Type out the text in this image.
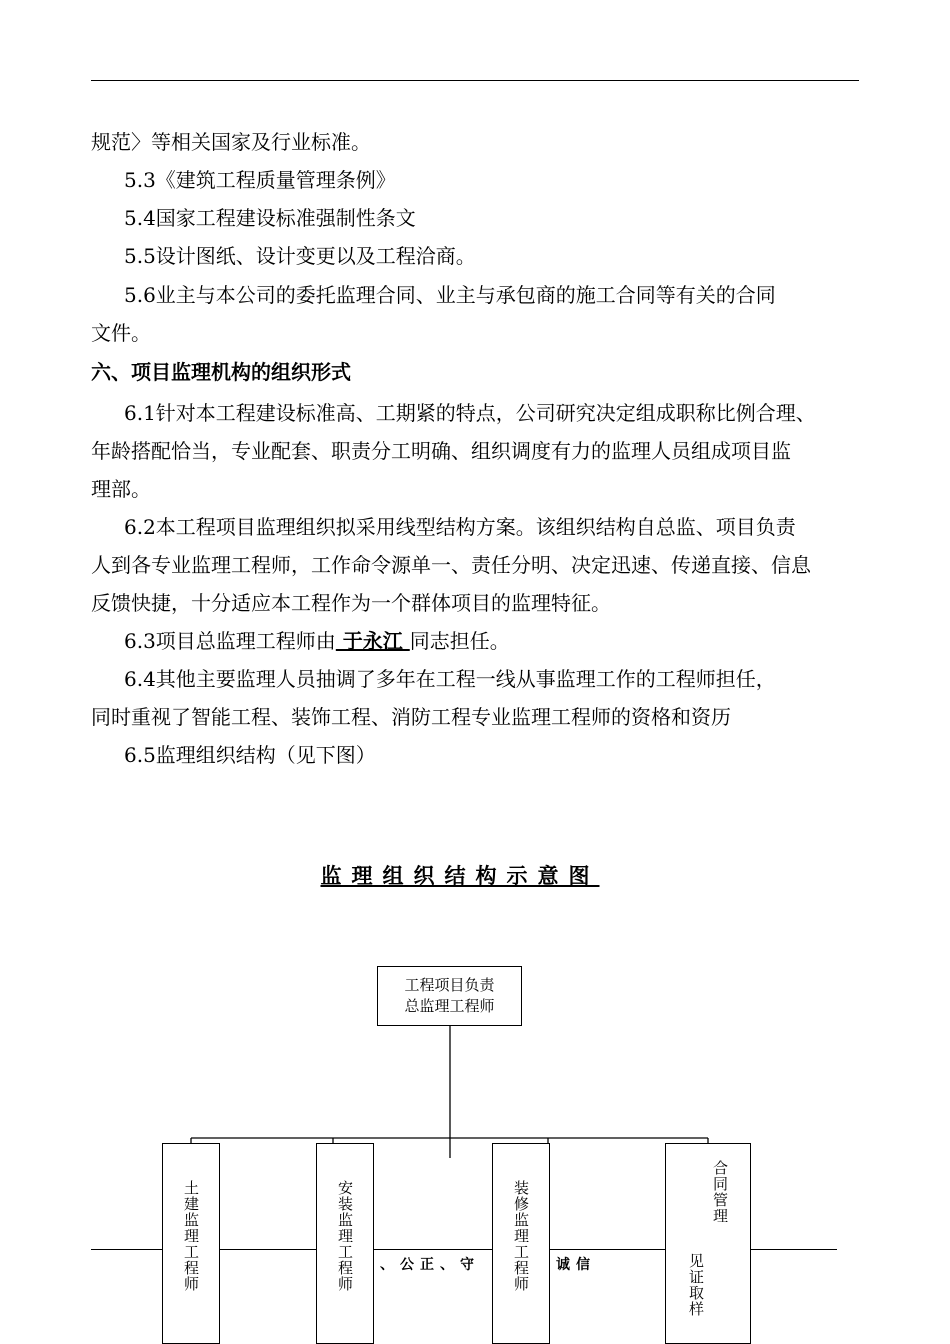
规范〉等相关国家及行业标准。
5.3《建筑工程质量管理条例》
5.4国家工程建设标准强制性条文
5.5设计图纸、设计变更以及工程洽商。
5.6业主与本公司的委托监理合同、业主与承包商的施工合同等有关的合同
文件。
六、项目监理机构的组织形式
6.1针对本工程建设标准高、工期紧的特点，公司研究决定组成职称比例合理、
年龄搭配恰当，专业配套、职责分工明确、组织调度有力的监理人员组成项目监
理部。
6.2本工程项目监理组织拟采用线型结构方案。该组织结构自总监、项目负责
人到各专业监理工程师，工作命令源单一、责任分明、决定迅速、传递直接、信息
反馈快捷，十分适应本工程作为一个群体项目的监理特征。
6.3项目总监理工程师由 于永江 同志担任。
6.4其他主要监理人员抽调了多年在工程一线从事监理工作的工程师担任，
同时重视了智能工程、装饰工程、消防工程专业监理工程师的资格和资历
6.5监理组织结构（见下图）
监理组织结构示意图
工程项目负责
总监理工程师
土建监理工程师	安装监理工程师	装修监理工程师	合同管理
见证取样
、公正、守	诚信
